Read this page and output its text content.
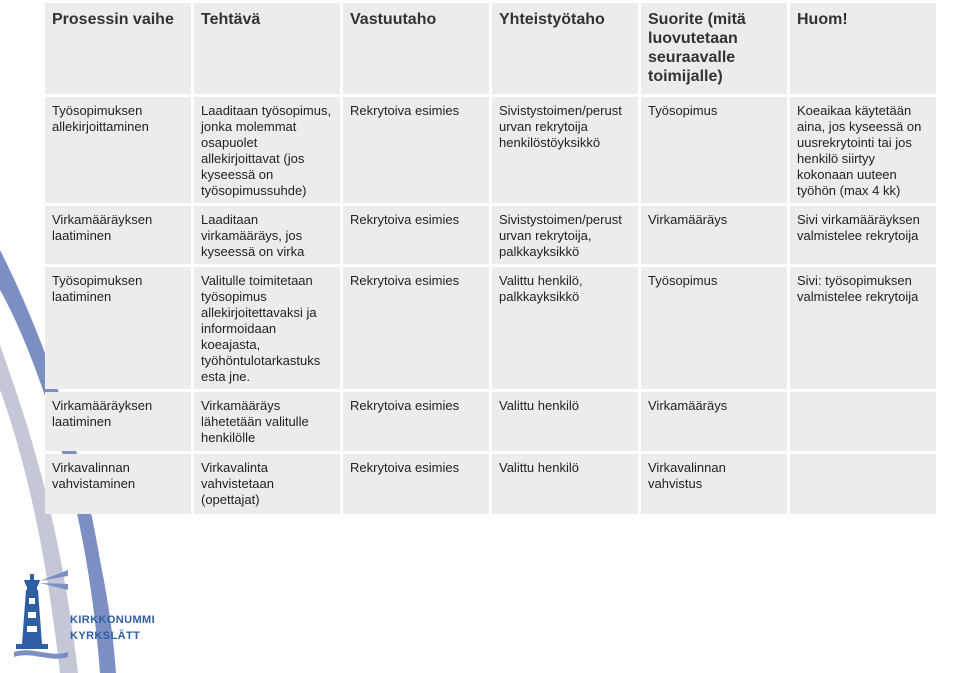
Prosessin vaihe	Tehtävä	Vastuutaho	Yhteistyötaho	Suorite (mitä luovutetaan seuraavalle toimijalle)	Huom!
Työsopimuksen allekirjoittaminen	Laaditaan työsopimus, jonka molemmat osapuolet allekirjoittavat (jos kyseessä on työsopimussuhde)	Rekrytoiva esimies	Sivistystoimen/perust urvan rekrytoija henkilöstöyksikkö	Työsopimus	Koeaikaa käytetään aina, jos kyseessä on uusrekrytointi tai jos henkilö siirtyy kokonaan uuteen työhön (max 4 kk)
Virkamääräyksen laatiminen	Laaditaan virkamääräys, jos kyseessä on virka	Rekrytoiva esimies	Sivistystoimen/perust urvan rekrytoija, palkkayksikkö	Virkamääräys	Sivi virkamääräyksen valmistelee rekrytoija
Työsopimuksen laatiminen	Valitulle toimitetaan työsopimus allekirjoitettavaksi ja informoidaan koeajasta, työhöntulotarkastuks esta jne.	Rekrytoiva esimies	Valittu henkilö, palkkayksikkö	Työsopimus	Sivi: työsopimuksen valmistelee rekrytoija
Virkamääräyksen laatiminen	Virkamääräys lähetetään valitulle henkilölle	Rekrytoiva esimies	Valittu henkilö	Virkamääräys	
Virkavalinnan vahvistaminen	Virkavalinta vahvistetaan (opettajat)	Rekrytoiva esimies	Valittu henkilö	Virkavalinnan vahvistus	
KIRKKONUMMI
KYRKSLÄTT
